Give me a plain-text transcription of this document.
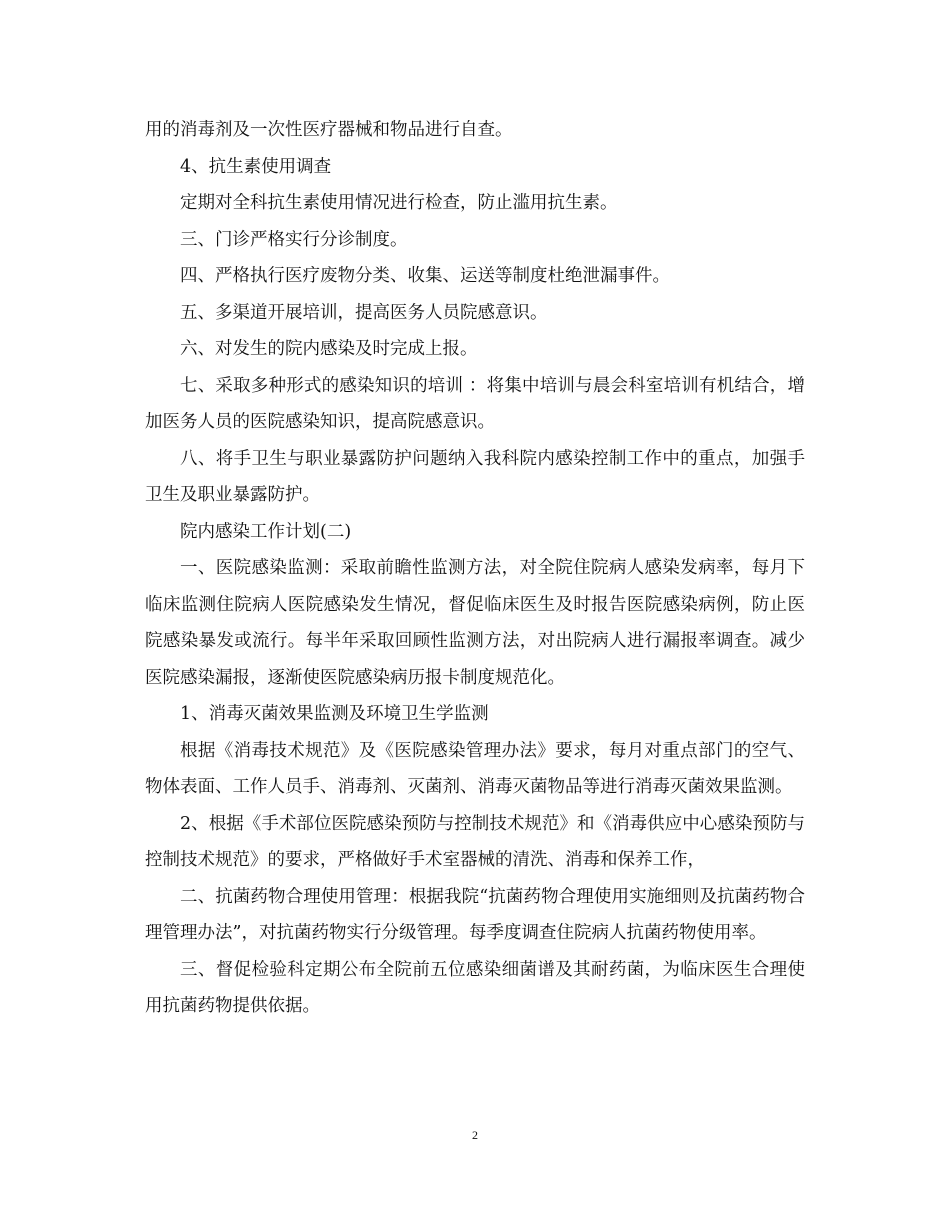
用的消毒剂及一次性医疗器械和物品进行自查。

4、抗生素使用调查

定期对全科抗生素使用情况进行检查，防止滥用抗生素。

三、门诊严格实行分诊制度。

四、严格执行医疗废物分类、收集、运送等制度杜绝泄漏事件。

五、多渠道开展培训，提高医务人员院感意识。

六、对发生的院内感染及时完成上报。

七、采取多种形式的感染知识的培训 ：将集中培训与晨会科室培训有机结合，增加医务人员的医院感染知识，提高院感意识。

八、将手卫生与职业暴露防护问题纳入我科院内感染控制工作中的重点，加强手卫生及职业暴露防护。

院内感染工作计划(二)

一、医院感染监测：采取前瞻性监测方法，对全院住院病人感染发病率，每月下临床监测住院病人医院感染发生情况，督促临床医生及时报告医院感染病例，防止医院感染暴发或流行。每半年采取回顾性监测方法，对出院病人进行漏报率调查。减少医院感染漏报，逐渐使医院感染病历报卡制度规范化。

1、消毒灭菌效果监测及环境卫生学监测

根据《消毒技术规范》及《医院感染管理办法》要求，每月对重点部门的空气、物体表面、工作人员手、消毒剂、灭菌剂、消毒灭菌物品等进行消毒灭菌效果监测。

2、根据《手术部位医院感染预防与控制技术规范》和《消毒供应中心感染预防与控制技术规范》的要求，严格做好手术室器械的清洗、消毒和保养工作，

二、抗菌药物合理使用管理：根据我院“抗菌药物合理使用实施细则及抗菌药物合理管理办法”，对抗菌药物实行分级管理。每季度调查住院病人抗菌药物使用率。

三、督促检验科定期公布全院前五位感染细菌谱及其耐药菌，为临床医生合理使用抗菌药物提供依据。

2
